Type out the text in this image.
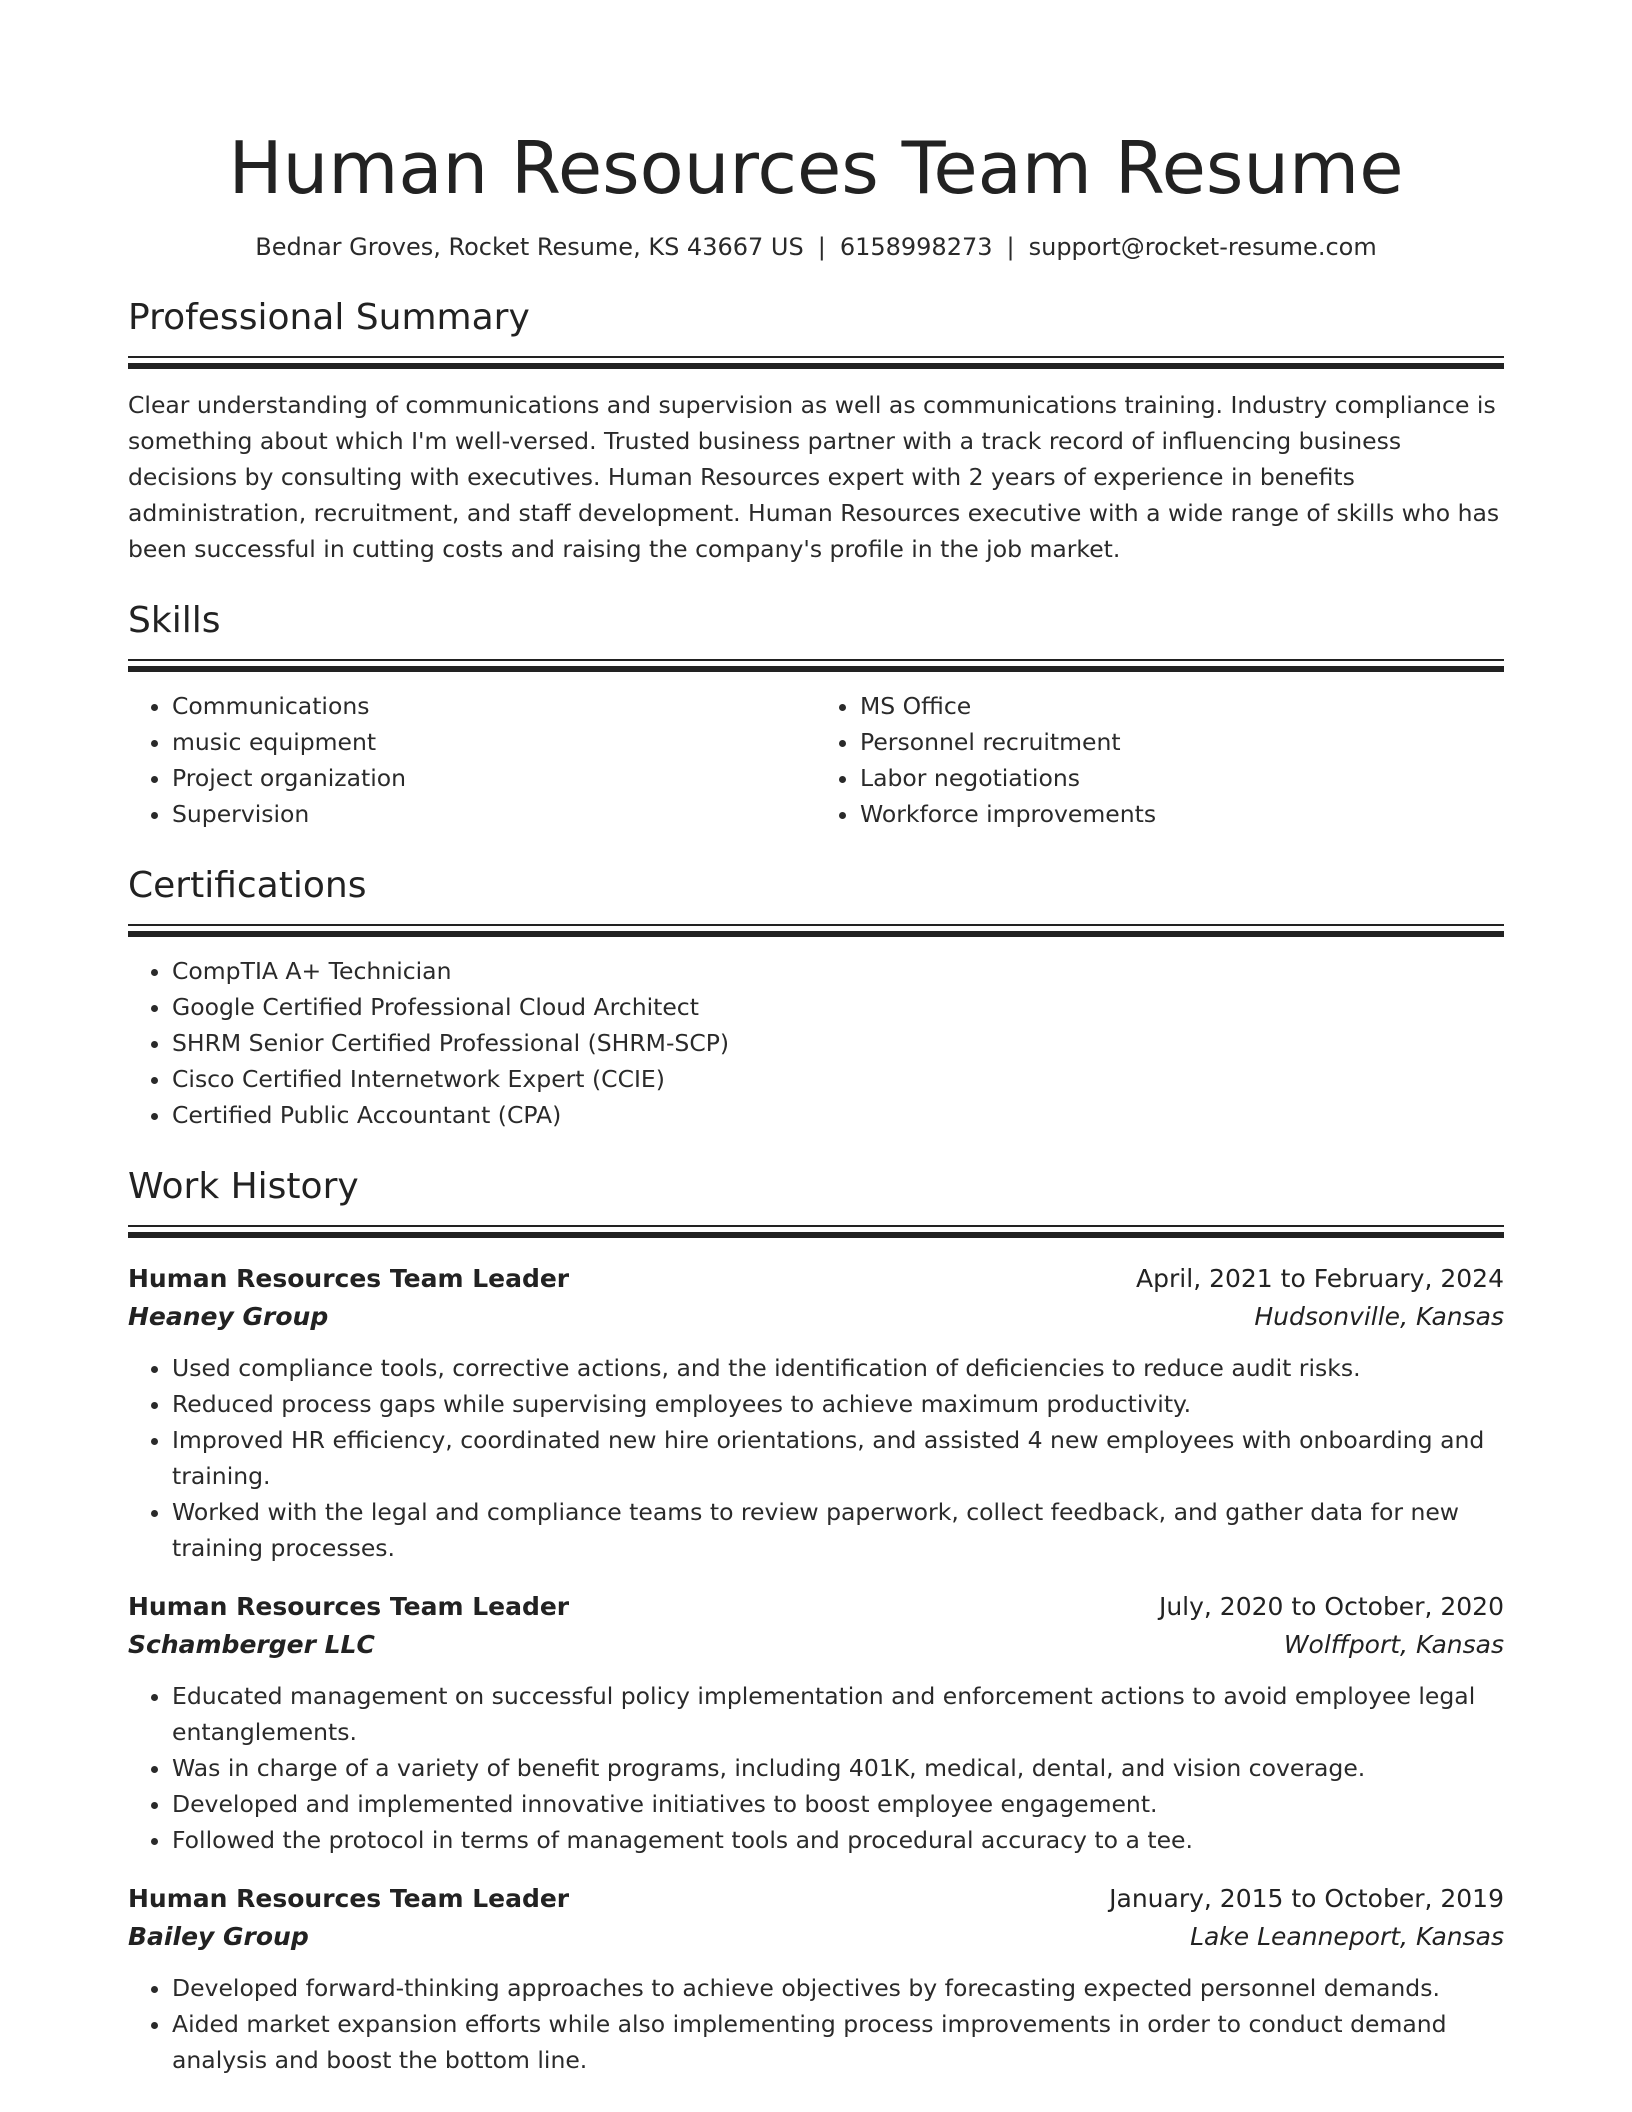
Human Resources Team Resume
Bednar Groves, Rocket Resume, KS 43667 US | 6158998273 | support@rocket-resume.com
Professional Summary

Clear understanding of communications and supervision as well as communications training. Industry compliance is something about which I'm well-versed. Trusted business partner with a track record of influencing business decisions by consulting with executives. Human Resources expert with 2 years of experience in benefits administration, recruitment, and staff development. Human Resources executive with a wide range of skills who has been successful in cutting costs and raising the company's profile in the job market.

Skills
• Communications
• music equipment
• Project organization
• Supervision
• MS Office
• Personnel recruitment
• Labor negotiations
• Workforce improvements
Certifications
• CompTIA A+ Technician
• Google Certified Professional Cloud Architect
• SHRM Senior Certified Professional (SHRM-SCP)
• Cisco Certified Internetwork Expert (CCIE)
• Certified Public Accountant (CPA)
Work History
Human Resources Team Leader	April, 2021 to February, 2024
Heaney Group	Hudsonville, Kansas
• Used compliance tools, corrective actions, and the identification of deficiencies to reduce audit risks.
• Reduced process gaps while supervising employees to achieve maximum productivity.
• Improved HR efficiency, coordinated new hire orientations, and assisted 4 new employees with onboarding and training.
• Worked with the legal and compliance teams to review paperwork, collect feedback, and gather data for new training processes.
Human Resources Team Leader	July, 2020 to October, 2020
Schamberger LLC	Wolffport, Kansas
• Educated management on successful policy implementation and enforcement actions to avoid employee legal entanglements.
• Was in charge of a variety of benefit programs, including 401K, medical, dental, and vision coverage.
• Developed and implemented innovative initiatives to boost employee engagement.
• Followed the protocol in terms of management tools and procedural accuracy to a tee.
Human Resources Team Leader	January, 2015 to October, 2019
Bailey Group	Lake Leanneport, Kansas
• Developed forward-thinking approaches to achieve objectives by forecasting expected personnel demands.
• Aided market expansion efforts while also implementing process improvements in order to conduct demand analysis and boost the bottom line.
